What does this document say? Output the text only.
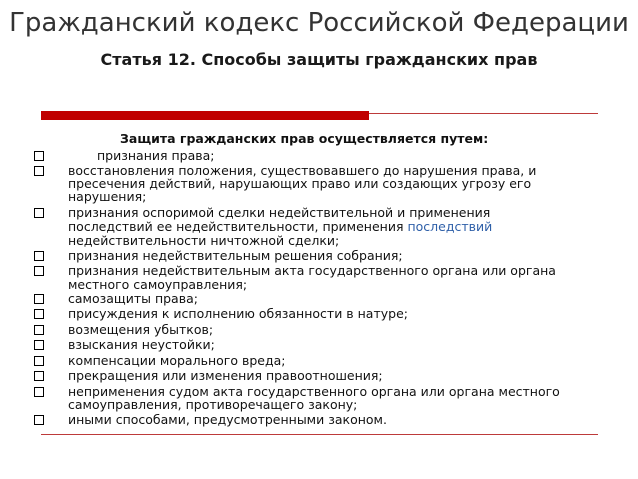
Гражданский кодекс Российской Федерации
Статья 12. Способы защиты гражданских прав
Защита гражданских прав осуществляется путем:
признания права;
восстановления положения, существовавшего до нарушения права, и
пресечения действий, нарушающих право или создающих угрозу его
нарушения;
признания оспоримой сделки недействительной и применения
последствий ее недействительности, применения последствий
недействительности ничтожной сделки;
признания недействительным решения собрания;
признания недействительным акта государственного органа или органа
местного самоуправления;
самозащиты права;
присуждения к исполнению обязанности в натуре;
возмещения убытков;
взыскания неустойки;
компенсации морального вреда;
прекращения или изменения правоотношения;
неприменения судом акта государственного органа или органа местного
самоуправления, противоречащего закону;
иными способами, предусмотренными законом.
